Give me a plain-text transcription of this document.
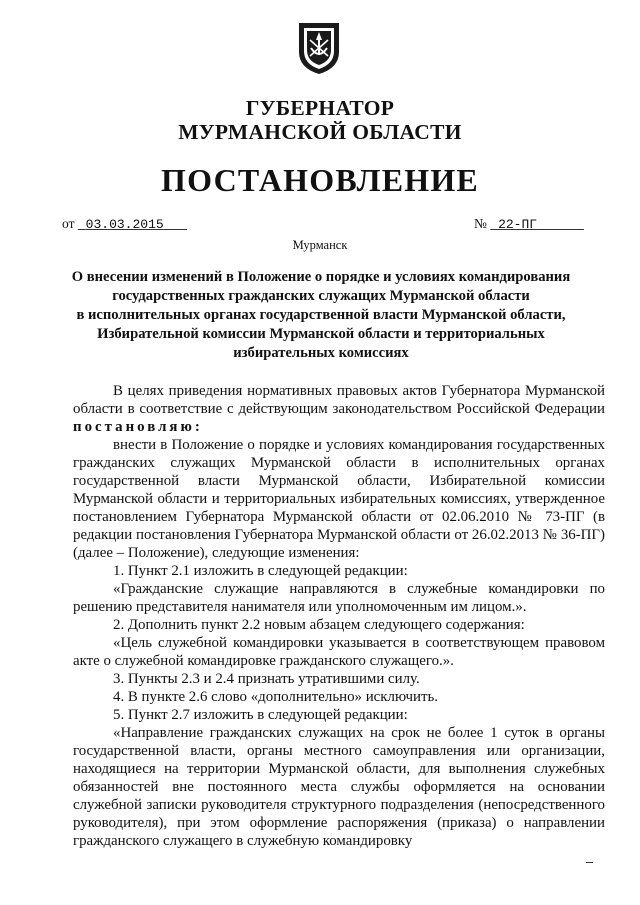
ГУБЕРНАТОР
МУРМАНСКОЙ ОБЛАСТИ
ПОСТАНОВЛЕНИЕ
от 03.03.2015	№ 22-ПГ
Мурманск
О внесении изменений в Положение о порядке и условиях командирования
государственных гражданских служащих Мурманской области
в исполнительных органах государственной власти Мурманской области,
Избирательной комиссии Мурманской области и территориальных
избирательных комиссиях

В целях приведения нормативных правовых актов Губернатора Мурманской области в соответствие с действующим законодательством Российской Федерации постановляю:

внести в Положение о порядке и условиях командирования государственных гражданских служащих Мурманской области в исполнительных органах государственной власти Мурманской области, Избирательной комиссии Мурманской области и территориальных избирательных комиссиях, утвержденное постановлением Губернатора Мурманской области от 02.06.2010 № 73-ПГ (в редакции постановления Губернатора Мурманской области от 26.02.2013 № 36-ПГ) (далее – Положение), следующие изменения:

1. Пункт 2.1 изложить в следующей редакции:

«Гражданские служащие направляются в служебные командировки по решению представителя нанимателя или уполномоченным им лицом.».

2. Дополнить пункт 2.2 новым абзацем следующего содержания:

«Цель служебной командировки указывается в соответствующем правовом акте о служебной командировке гражданского служащего.».

3. Пункты 2.3 и 2.4 признать утратившими силу.

4. В пункте 2.6 слово «дополнительно» исключить.

5. Пункт 2.7 изложить в следующей редакции:

«Направление гражданских служащих на срок не более 1 суток в органы государственной власти, органы местного самоуправления или организации, находящиеся на территории Мурманской области, для выполнения служебных обязанностей вне постоянного места службы оформляется на основании служебной записки руководителя структурного подразделения (непосредственного руководителя), при этом оформление распоряжения (приказа) о направлении гражданского служащего в служебную командировку
